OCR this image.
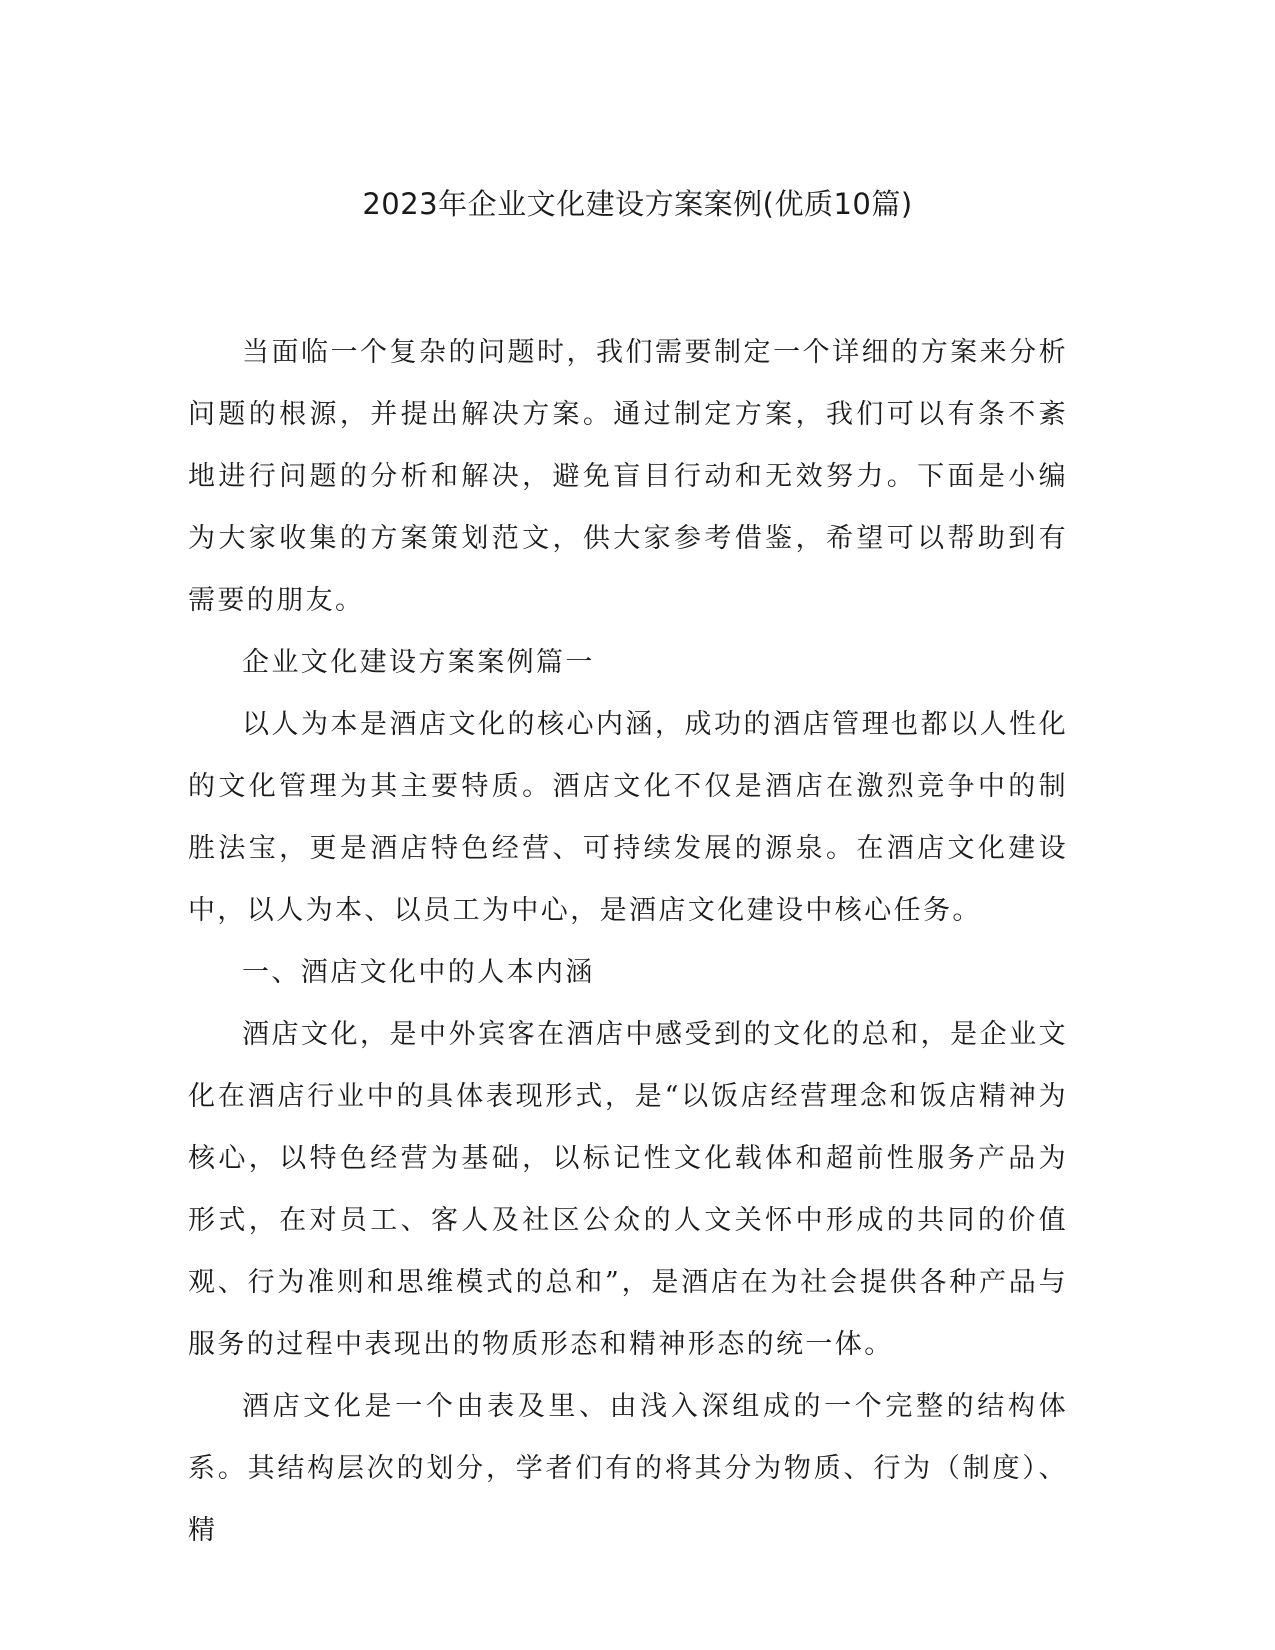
2023年企业文化建设方案案例(优质10篇)

当面临一个复杂的问题时，我们需要制定一个详细的方案来分析问题的根源，并提出解决方案。通过制定方案，我们可以有条不紊地进行问题的分析和解决，避免盲目行动和无效努力。下面是小编为大家收集的方案策划范文，供大家参考借鉴，希望可以帮助到有需要的朋友。

企业文化建设方案案例篇一

以人为本是酒店文化的核心内涵，成功的酒店管理也都以人性化的文化管理为其主要特质。酒店文化不仅是酒店在激烈竞争中的制胜法宝，更是酒店特色经营、可持续发展的源泉。在酒店文化建设中，以人为本、以员工为中心，是酒店文化建设中核心任务。

一、酒店文化中的人本内涵

酒店文化，是中外宾客在酒店中感受到的文化的总和，是企业文化在酒店行业中的具体表现形式，是“以饭店经营理念和饭店精神为核心，以特色经营为基础，以标记性文化载体和超前性服务产品为形式，在对员工、客人及社区公众的人文关怀中形成的共同的价值观、行为准则和思维模式的总和”，是酒店在为社会提供各种产品与服务的过程中表现出的物质形态和精神形态的统一体。

酒店文化是一个由表及里、由浅入深组成的一个完整的结构体系。其结构层次的划分，学者们有的将其分为物质、行为（制度）、精
